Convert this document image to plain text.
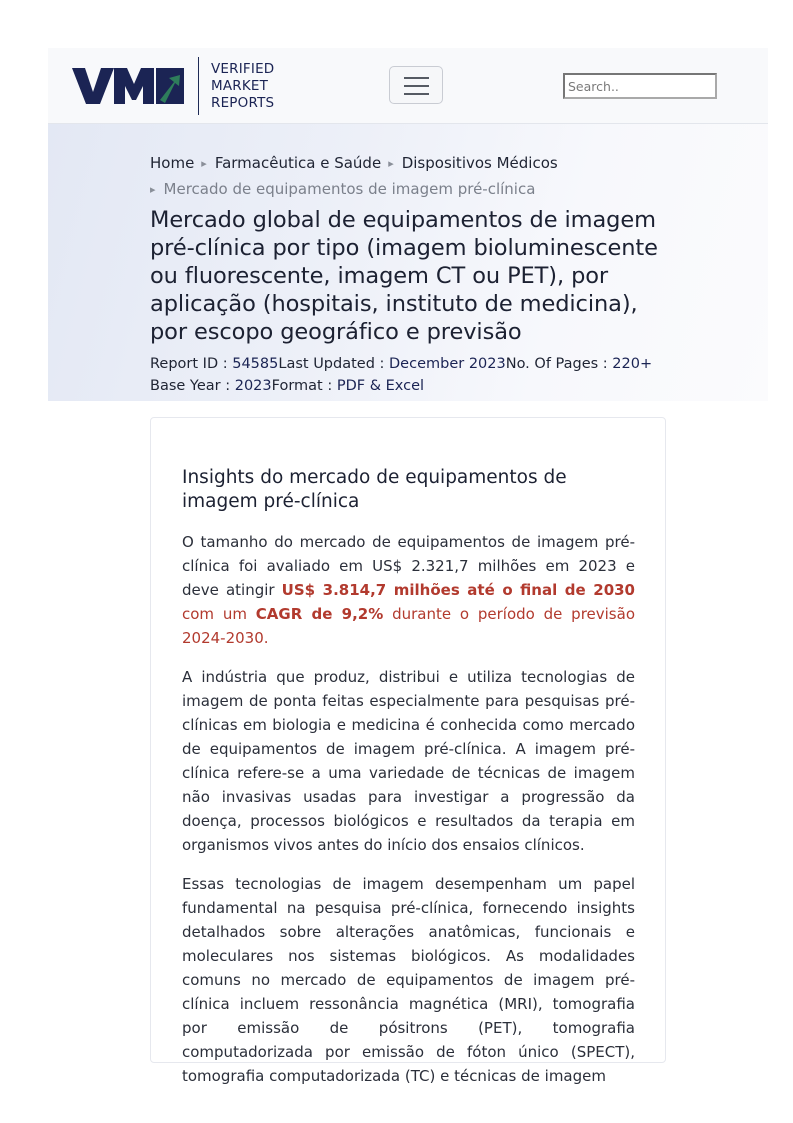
VERIFIED
MARKET
REPORTS
Search..
Home ▸ Farmacêutica e Saúde ▸ Dispositivos Médicos
▸ Mercado de equipamentos de imagem pré-clínica
Mercado global de equipamentos de imagem pré-clínica por tipo (imagem bioluminescente ou fluorescente, imagem CT ou PET), por aplicação (hospitais, instituto de medicina), por escopo geográfico e previsão
Report ID : 54585Last Updated : December 2023No. Of Pages : 220+
Base Year : 2023Format : PDF & Excel
Insights do mercado de equipamentos de imagem pré-clínica

O tamanho do mercado de equipamentos de imagem pré-clínica foi avaliado em US$ 2.321,7 milhões em 2023 e deve atingir US$ 3.814,7 milhões até o final de 2030 com um CAGR de 9,2% durante o período de previsão 2024-2030.

A indústria que produz, distribui e utiliza tecnologias de imagem de ponta feitas especialmente para pesquisas pré-clínicas em biologia e medicina é conhecida como mercado de equipamentos de imagem pré-clínica. A imagem pré-clínica refere-se a uma variedade de técnicas de imagem não invasivas usadas para investigar a progressão da doença, processos biológicos e resultados da terapia em organismos vivos antes do início dos ensaios clínicos.

Essas tecnologias de imagem desempenham um papel fundamental na pesquisa pré-clínica, fornecendo insights detalhados sobre alterações anatômicas, funcionais e moleculares nos sistemas biológicos. As modalidades comuns no mercado de equipamentos de imagem pré-clínica incluem ressonância magnética (MRI), tomografia por emissão de pósitrons (PET), tomografia computadorizada por emissão de fóton único (SPECT), tomografia computadorizada (TC) e técnicas de imagem
